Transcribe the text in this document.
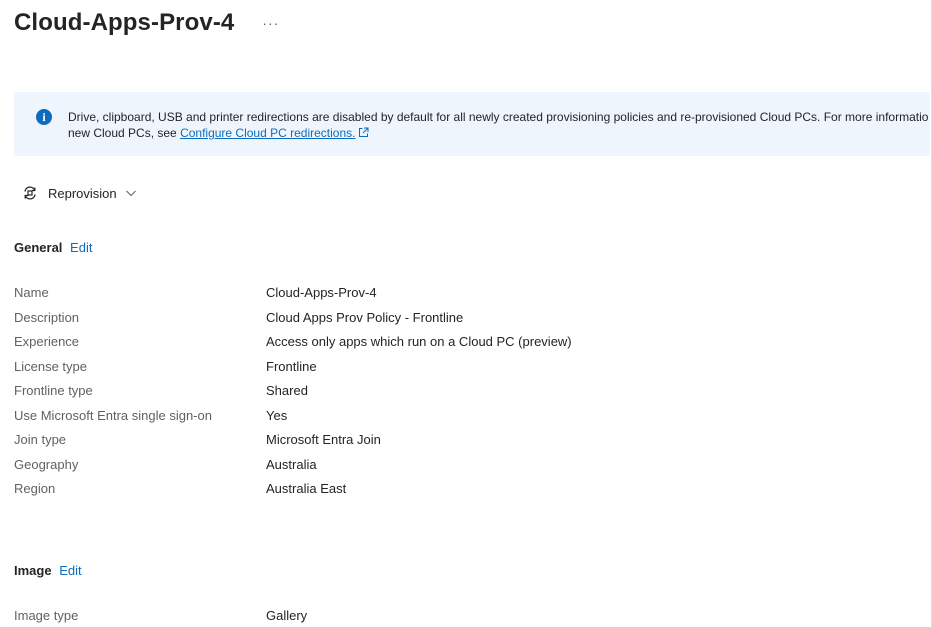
Cloud-Apps-Prov-4 ···
i	Drive, clipboard, USB and printer redirections are disabled by default for all newly created provisioning policies and re-provisioned Cloud PCs. For more informatio
new Cloud PCs, see Configure Cloud PC redirections.
Reprovision
General Edit
Name	Cloud-Apps-Prov-4
Description	Cloud Apps Prov Policy - Frontline
Experience	Access only apps which run on a Cloud PC (preview)
License type	Frontline
Frontline type	Shared
Use Microsoft Entra single sign-on	Yes
Join type	Microsoft Entra Join
Geography	Australia
Region	Australia East
Image Edit
Image type	Gallery
